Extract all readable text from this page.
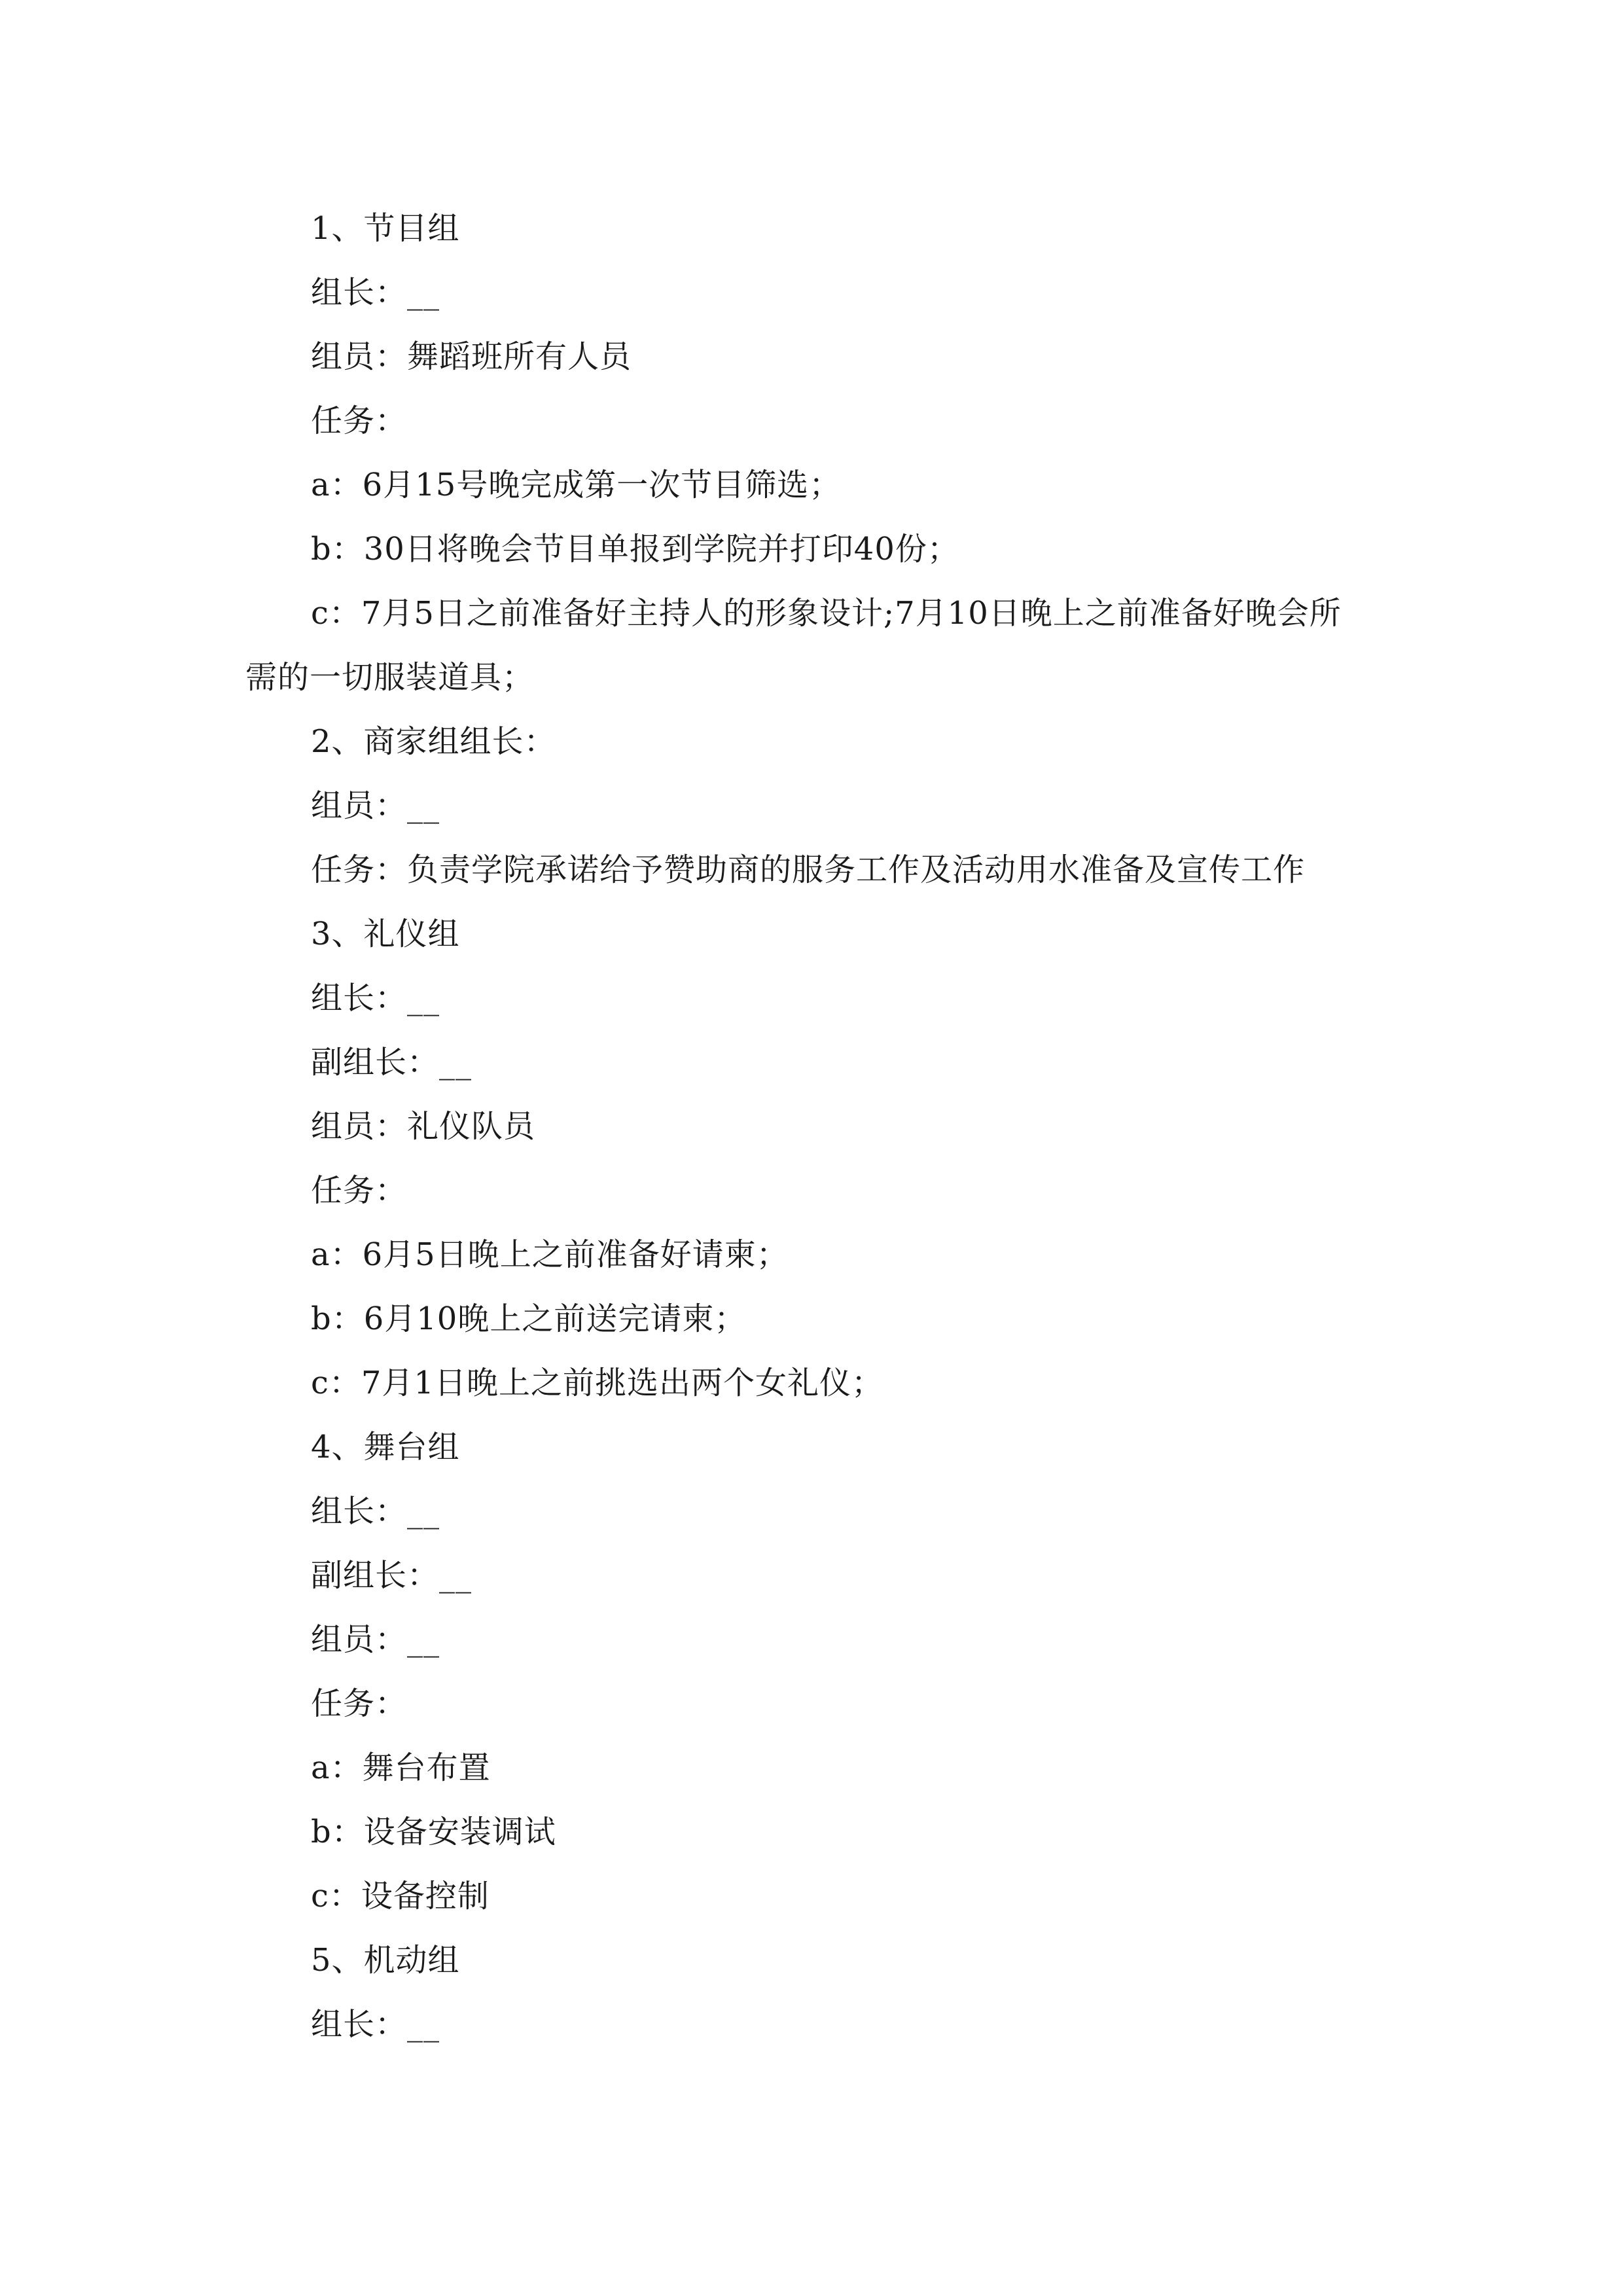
1、节目组
组长：__
组员：舞蹈班所有人员
任务：
a：6月15号晚完成第一次节目筛选；
b：30日将晚会节目单报到学院并打印40份；
c：7月5日之前准备好主持人的形象设计;7月10日晚上之前准备好晚会所
需的一切服装道具；
2、商家组组长：
组员：__
任务：负责学院承诺给予赞助商的服务工作及活动用水准备及宣传工作
3、礼仪组
组长：__
副组长：__
组员：礼仪队员
任务：
a：6月5日晚上之前准备好请柬；
b：6月10晚上之前送完请柬；
c：7月1日晚上之前挑选出两个女礼仪；
4、舞台组
组长：__
副组长：__
组员：__
任务：
a：舞台布置
b：设备安装调试
c：设备控制
5、机动组
组长：__
